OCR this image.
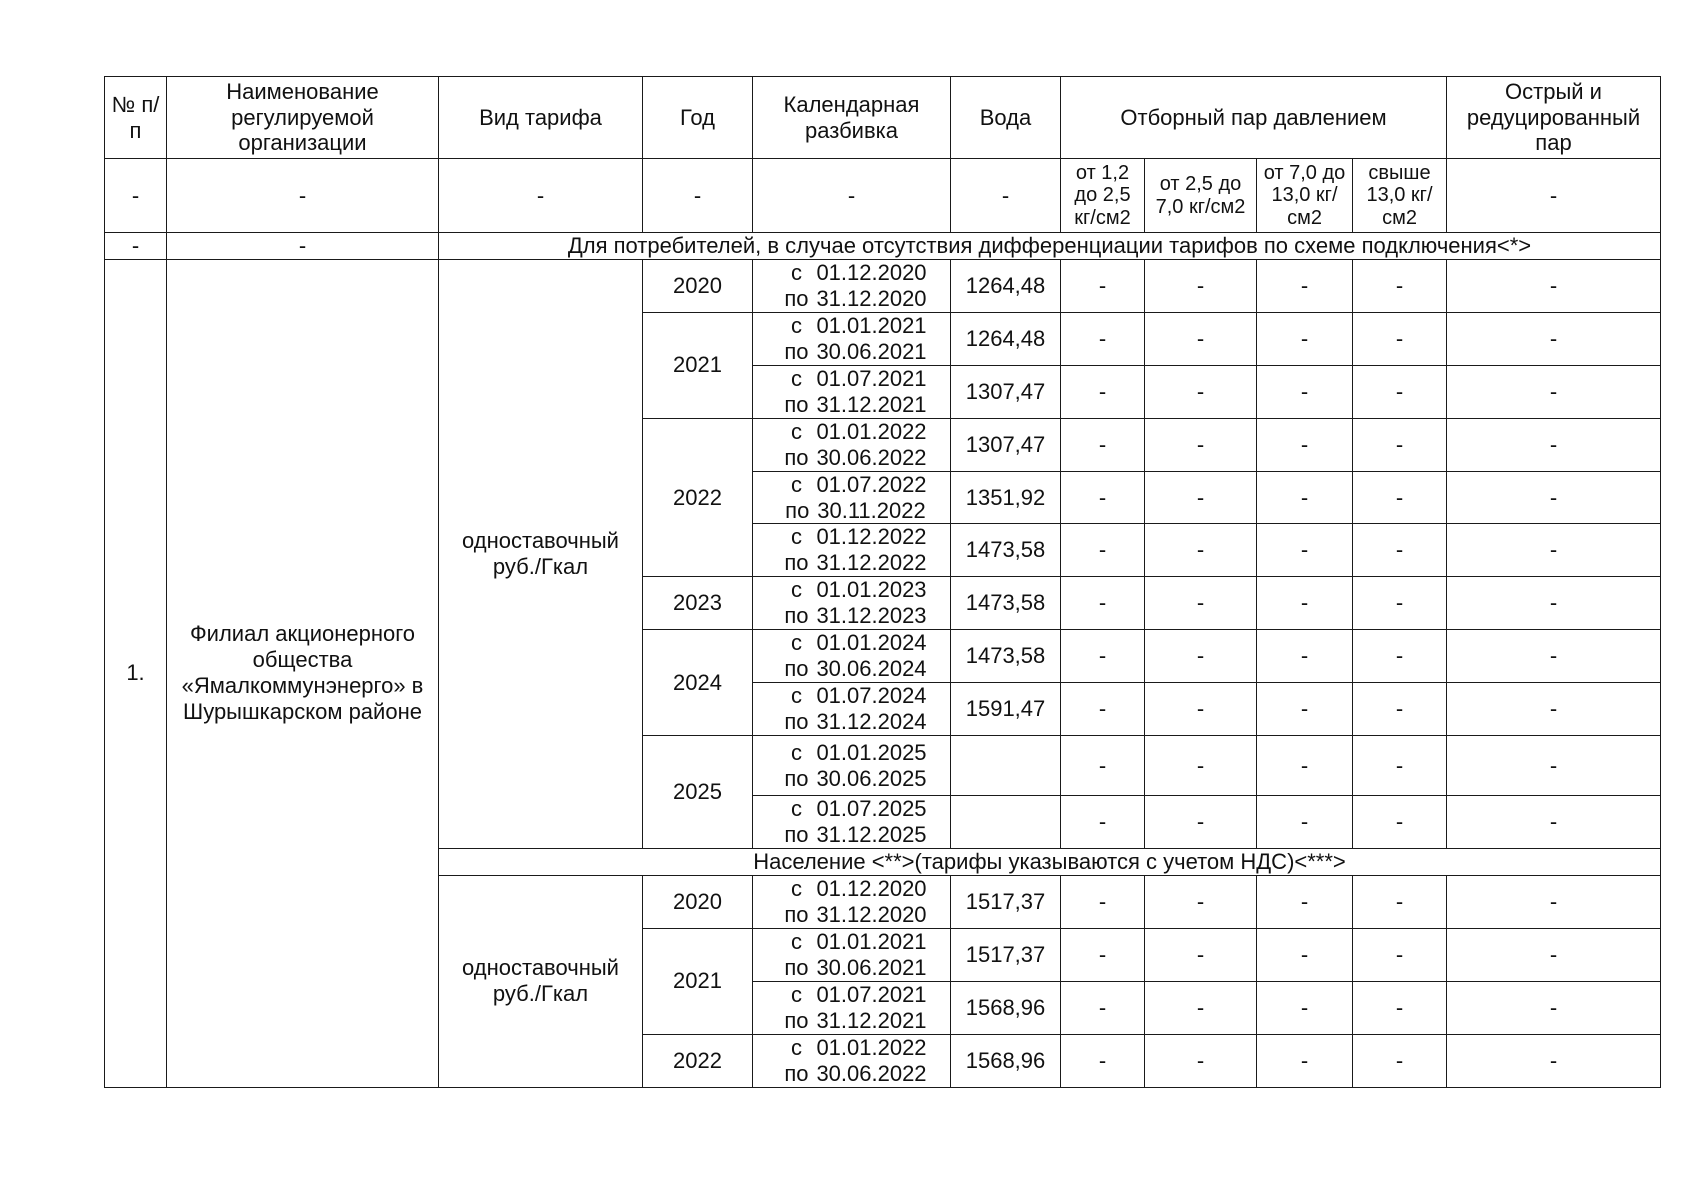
№ п/п	Наименование регулируемой организации	Вид тарифа	Год	Календарная разбивка	Вода	Отборный пар давлением				Острый и редуцированный пар
-	-	-	-	-	-	от 1,2 до 2,5 кг/см2	от 2,5 до 7,0 кг/см2	от 7,0 до 13,0 кг/см2	свыше 13,0 кг/см2	-
-	-	Для потребителей, в случае отсутствия дифференциации тарифов по схеме подключения<*>								
1.	Филиал акционерного общества «Ямалкоммунэнерго» в Шурышкарском районе	одноставочный руб./Гкал	2020	с 01.12.2020
по 31.12.2020	1264,48	-	-	-	-	-
			2021	с 01.01.2021
по 30.06.2021	1264,48	-	-	-	-	-

				с 01.07.2021
по 31.12.2021	1307,47	-	-	-	-	-
			2022	с 01.01.2022
по 30.06.2022	1307,47	-	-	-	-	-

				с 01.07.2022
по 30.11.2022	1351,92	-	-	-	-	-

				с 01.12.2022
по 31.12.2022	1473,58	-	-	-	-	-
			2023	с 01.01.2023
по 31.12.2023	1473,58	-	-	-	-	-
			2024	с 01.01.2024
по 30.06.2024	1473,58	-	-	-	-	-

				с 01.07.2024
по 31.12.2024	1591,47	-	-	-	-	-
			2025	с 01.01.2025
по 30.06.2025		-	-	-	-	-

				с 01.07.2025
по 31.12.2025		-	-	-	-	-
		Население <**>(тарифы указываются с учетом НДС)<***>								
		одноставочный руб./Гкал	2020	с 01.12.2020
по 31.12.2020	1517,37	-	-	-	-	-
			2021	с 01.01.2021
по 30.06.2021	1517,37	-	-	-	-	-

				с 01.07.2021
по 31.12.2021	1568,96	-	-	-	-	-
			2022	с 01.01.2022
по 30.06.2022	1568,96	-	-	-	-	-
